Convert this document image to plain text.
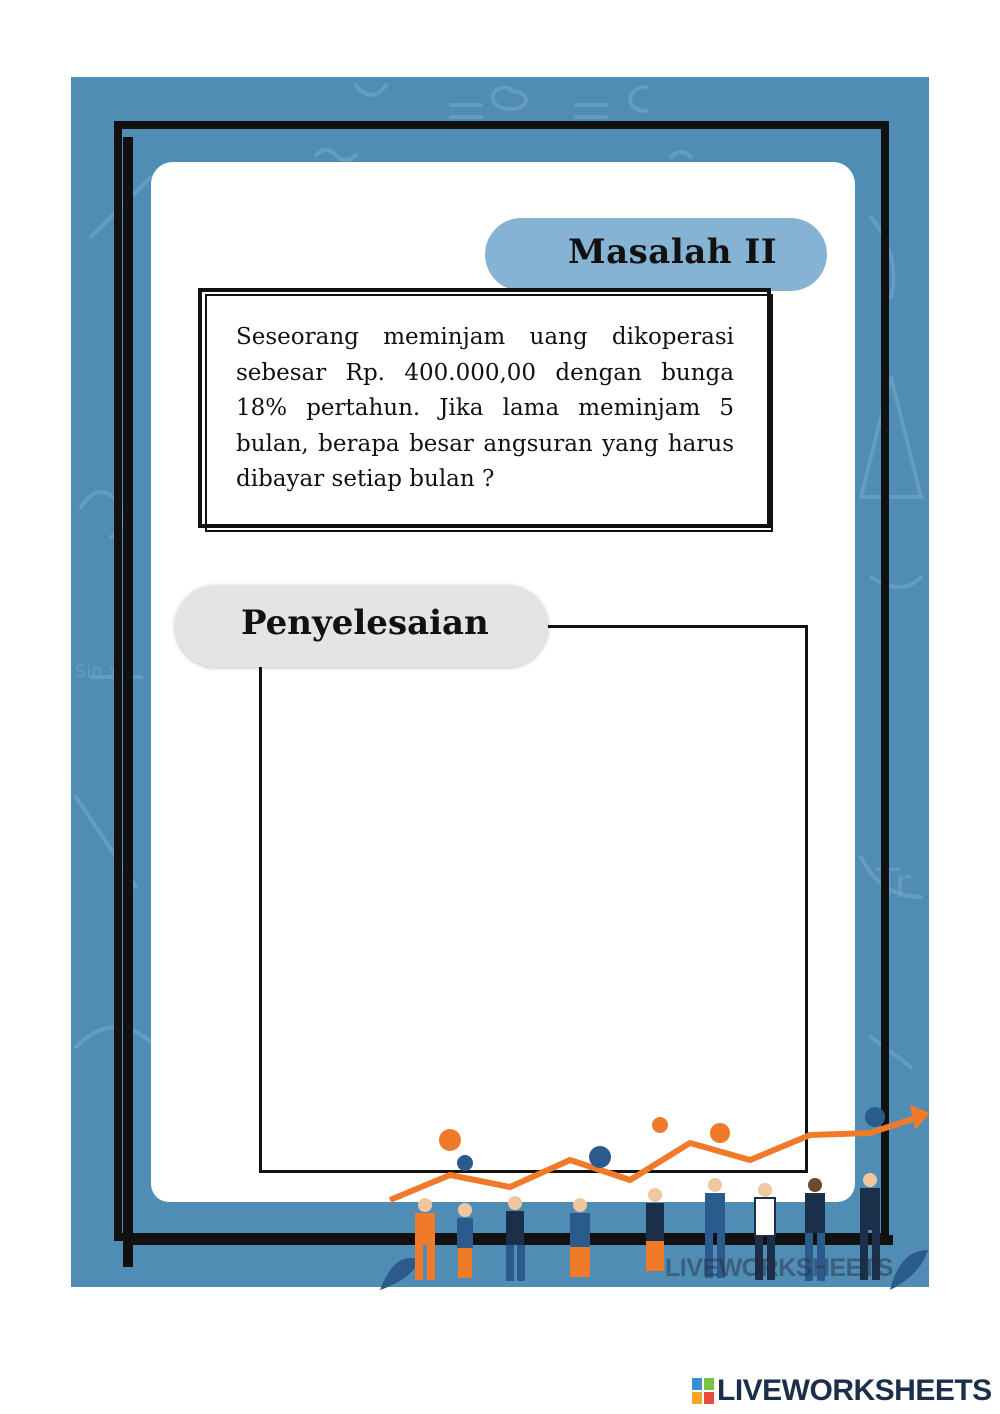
Sin x
Tr
Masalah II
Seseorang meminjam uang dikoperasi sebesar Rp. 400.000,00 dengan bunga 18% pertahun. Jika lama meminjam 5 bulan, berapa besar angsuran yang harus dibayar setiap bulan ?
Penyelesaian
LIVEWORKSHEETS
LIVEWORKSHEETS
